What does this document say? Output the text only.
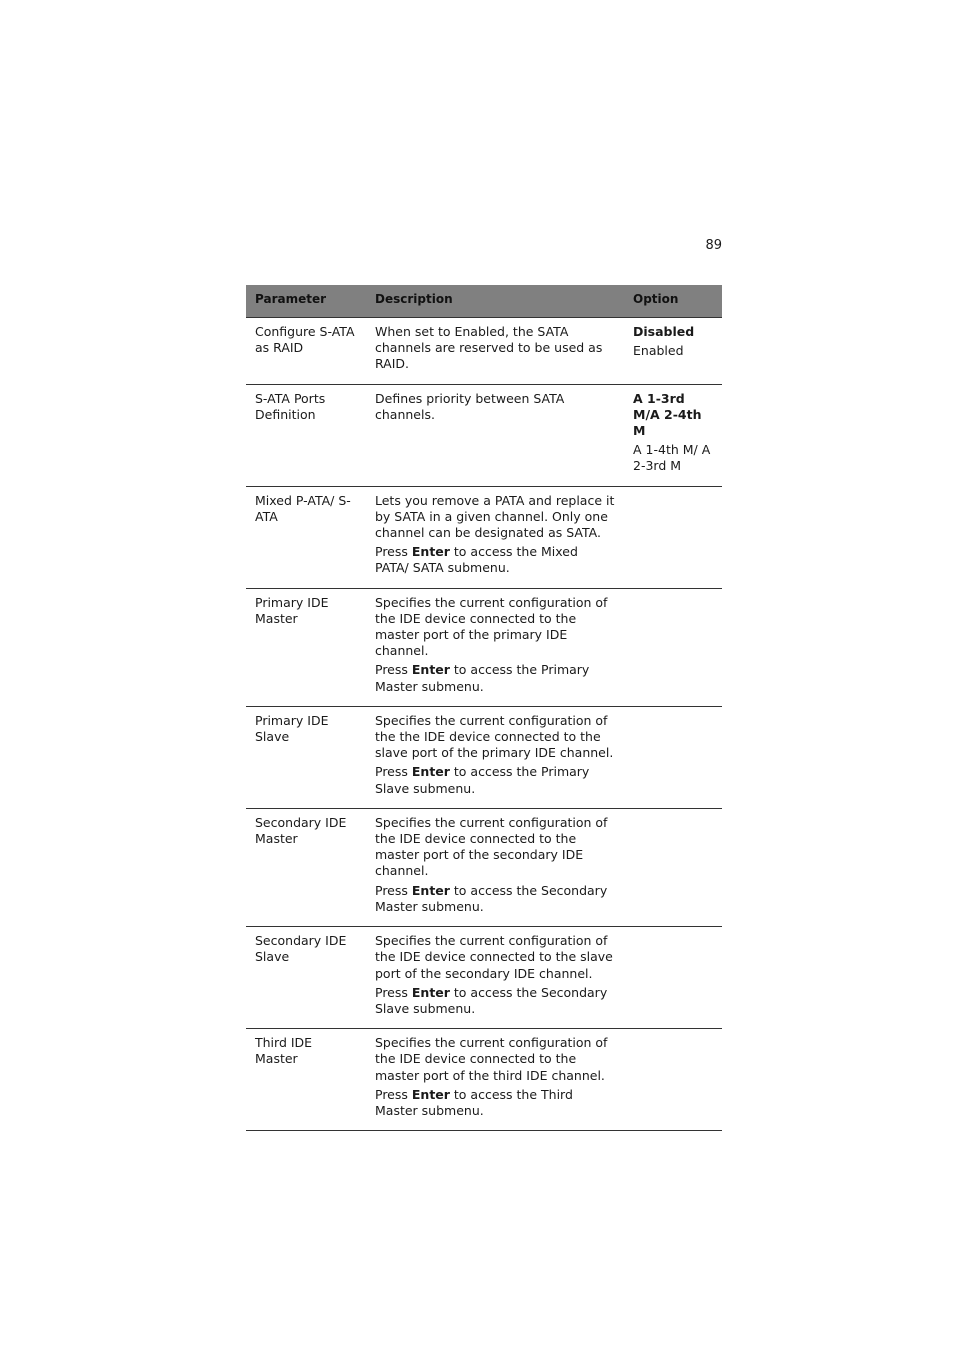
89
Parameter	Description	Option
Configure S-ATA as RAID	When set to Enabled, the SATA channels are reserved to be used as RAID.	Disabled

Enabled

S-ATA Ports Definition	Defines priority between SATA channels.	A 1-3rd M/A 2-4th M

A 1-4th M/ A 2-3rd M

Mixed P-ATA/ S-ATA	Lets you remove a PATA and replace it by SATA in a given channel. Only one channel can be designated as SATA.

Press Enter to access the Mixed PATA/ SATA submenu.	

Primary IDE Master	Specifies the current configuration of the IDE device connected to the master port of the primary IDE channel.

Press Enter to access the Primary Master submenu.	

Primary IDE Slave	Specifies the current configuration of the the IDE device connected to the slave port of the primary IDE channel.

Press Enter to access the Primary Slave submenu.	

Secondary IDE Master	Specifies the current configuration of the IDE device connected to the master port of the secondary IDE channel.

Press Enter to access the Secondary Master submenu.	

Secondary IDE Slave	Specifies the current configuration of the IDE device connected to the slave port of the secondary IDE channel.

Press Enter to access the Secondary Slave submenu.	

Third IDE Master	Specifies the current configuration of the IDE device connected to the master port of the third IDE channel.

Press Enter to access the Third Master submenu.	
